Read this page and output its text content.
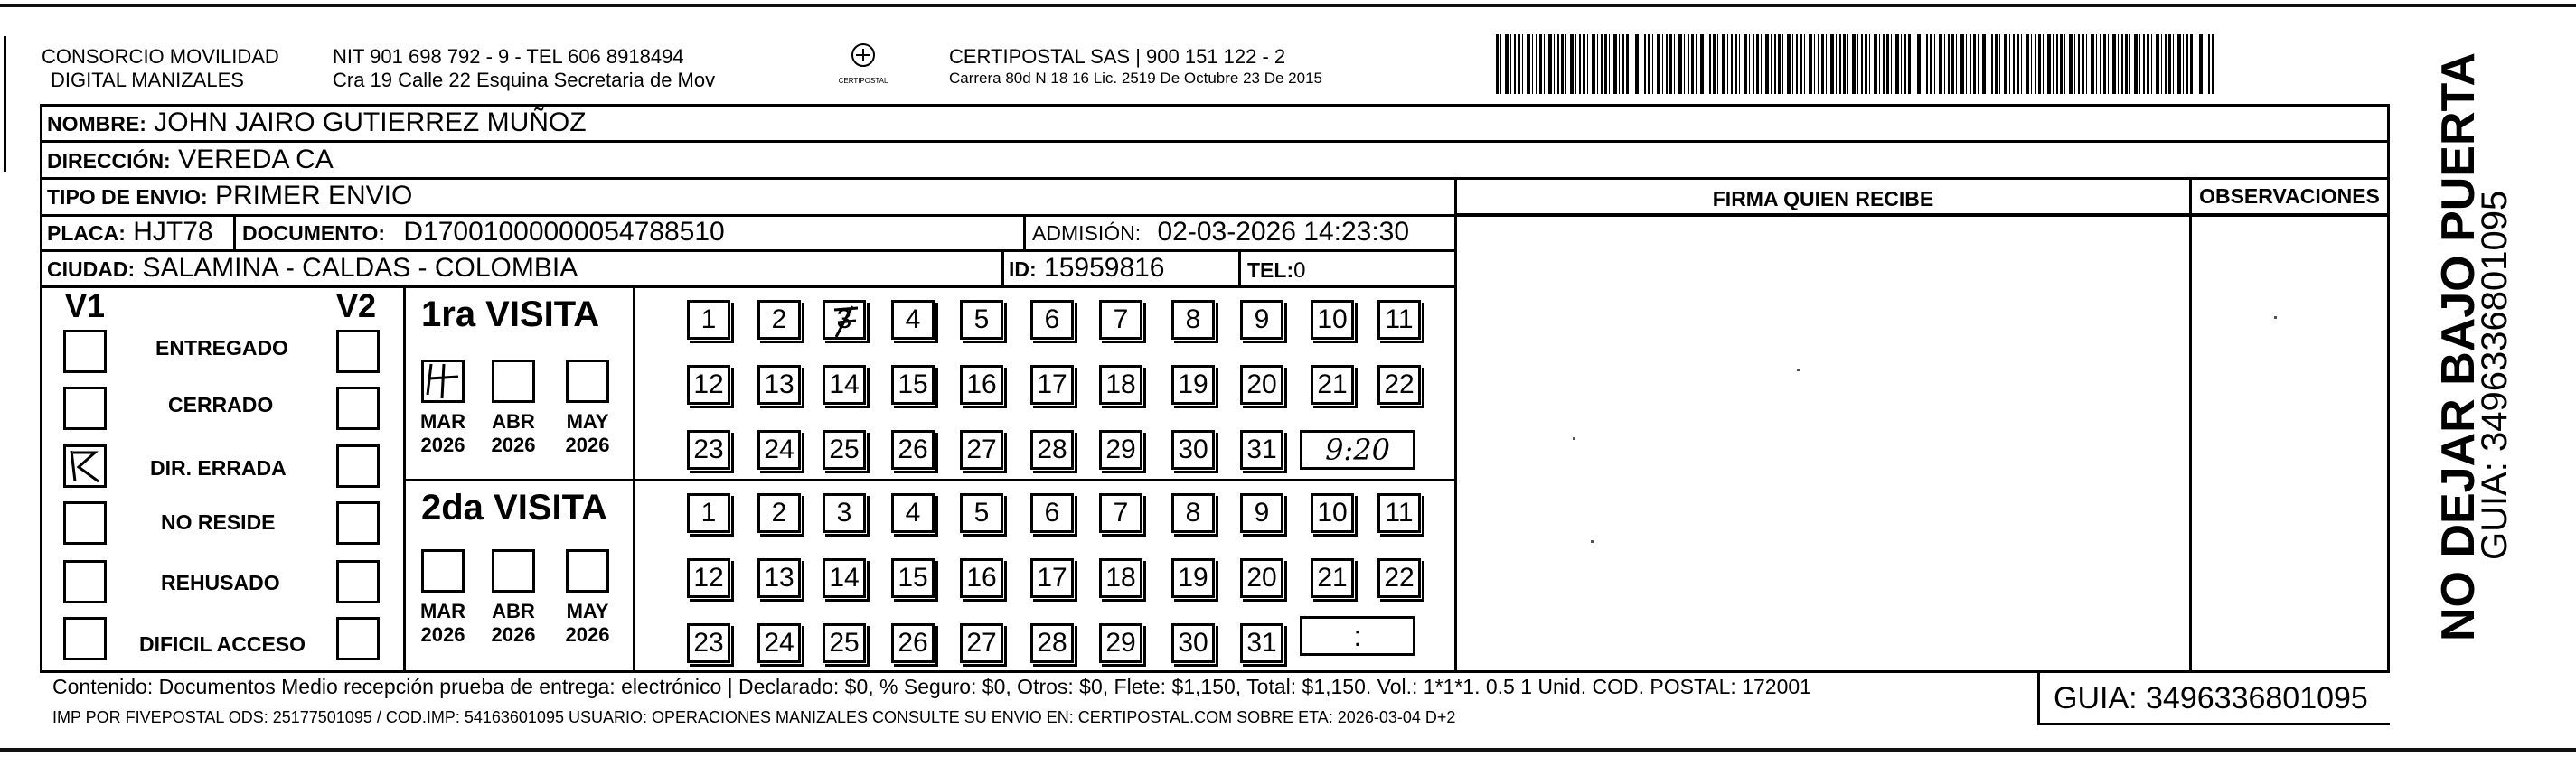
CONSORCIO MOVILIDAD
DIGITAL MANIZALES
NIT 901 698 792 - 9 - TEL 606 8918494
Cra 19 Calle 22 Esquina Secretaria de Mov	CERTIPOSTAL
CERTIPOSTAL SAS | 900 151 122 - 2
Carrera 80d N 18 16 Lic. 2519 De Octubre 23 De 2015
NOMBRE: JOHN JAIRO GUTIERREZ MUÑOZ
DIRECCIÓN: VEREDA CA
TIPO DE ENVIO: PRIMER ENVIO
PLACA: HJT78 DOCUMENTO: D17001000000054788510	ADMISIÓN: 02-03-2026 14:23:30
CIUDAD: SALAMINA - CALDAS - COLOMBIA	ID: 15959816	TEL:0
FIRMA QUIEN RECIBE	OBSERVACIONES
V1	V2
ENTREGADO
CERRADO
DIR. ERRADA
NO RESIDE
REHUSADO
DIFICIL ACCESO
1ra VISITA
MAR
2026
ABR
2026
MAY
2026
1 2 3 4 5 6 7 8 9 10 11
12 13 14 15 16 17 18 19 20 21 22
23 24 25 26 27 28 29 30 31 9:20
2da VISITA
MAR
2026
ABR
2026
MAY
2026
1 2 3 4 5 6 7 8 9 10 11
12 13 14 15 16 17 18 19 20 21 22
23 24 25 26 27 28 29 30 31	:
Contenido: Documentos Medio recepción prueba de entrega: electrónico | Declarado: $0, % Seguro: $0, Otros: $0, Flete: $1,150, Total: $1,150. Vol.: 1*1*1. 0.5 1 Unid. COD. POSTAL: 172001
IMP POR FIVEPOSTAL ODS: 25177501095 / COD.IMP: 54163601095 USUARIO: OPERACIONES MANIZALES CONSULTE SU ENVIO EN: CERTIPOSTAL.COM SOBRE ETA: 2026-03-04 D+2
GUIA: 3496336801095
NO DEJAR BAJO PUERTA
GUIA: 3496336801095
